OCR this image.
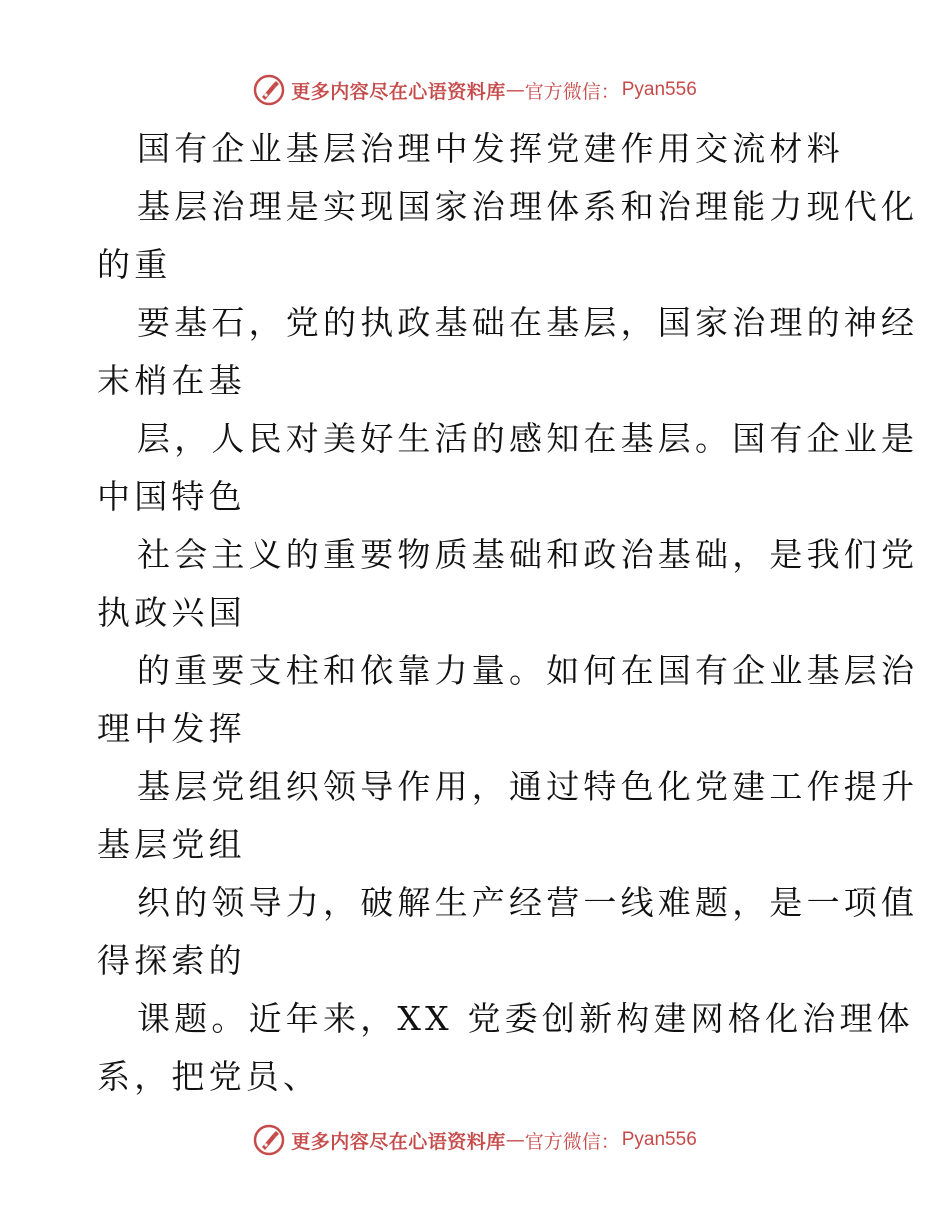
更多内容尽在心语资料库 — 官方微信： Pyan556
国有企业基层治理中发挥党建作用交流材料
基层治理是实现国家治理体系和治理能力现代化
的重
要基石，党的执政基础在基层，国家治理的神经
末梢在基
层，人民对美好生活的感知在基层。国有企业是
中国特色
社会主义的重要物质基础和政治基础，是我们党
执政兴国
的重要支柱和依靠力量。如何在国有企业基层治
理中发挥
基层党组织领导作用，通过特色化党建工作提升
基层党组
织的领导力，破解生产经营一线难题，是一项值
得探索的
课题。近年来，XX 党委创新构建网格化治理体
系，把党员、
更多内容尽在心语资料库 — 官方微信： Pyan556
